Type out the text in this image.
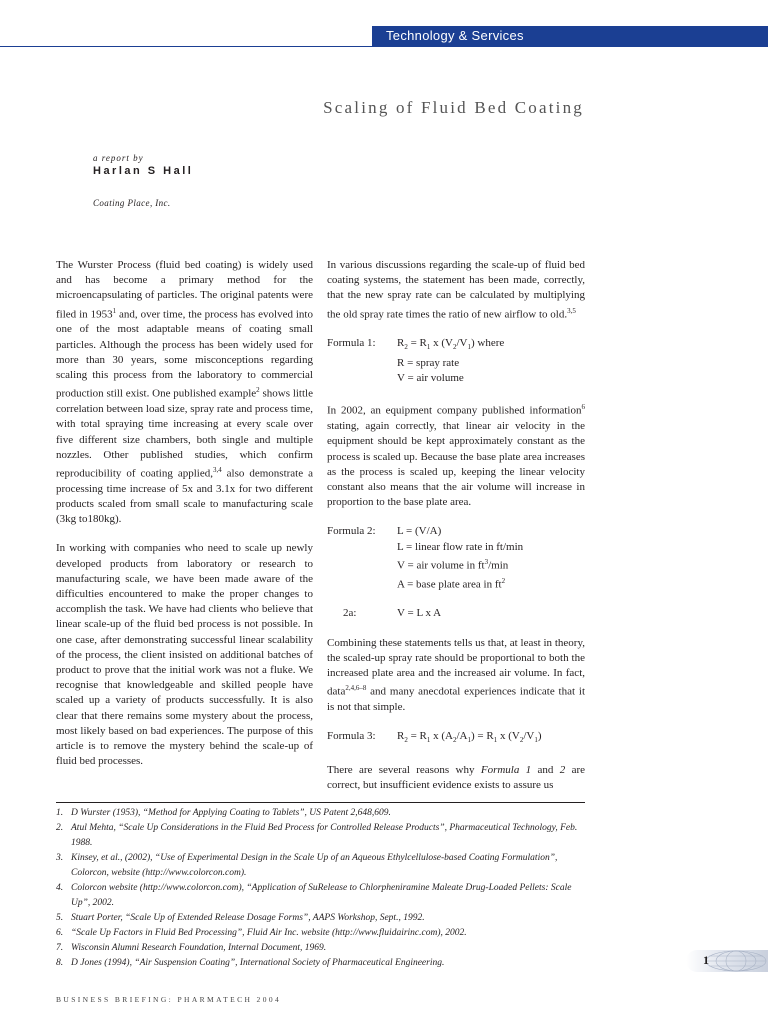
Technology & Services
Scaling of Fluid Bed Coating
a report by
Harlan S Hall
Coating Place, Inc.

The Wurster Process (fluid bed coating) is widely used and has become a primary method for the microencapsulating of particles. The original patents were filed in 1953$^1$ and, over time, the process has evolved into one of the most adaptable means of coating small particles. Although the process has been widely used for more than 30 years, some misconceptions regarding scaling this process from the laboratory to commercial production still exist. One published example$^2$ shows little correlation between load size, spray rate and process time, with total spraying time increasing at every scale over five different size chambers, both single and multiple nozzles. Other published studies, which confirm reproducibility of coating applied,$^{3,4}$ also demonstrate a processing time increase of 5x and 3.1x for two different products scaled from small scale to manufacturing scale (3kg to180kg).

In working with companies who need to scale up newly developed products from laboratory or research to manufacturing scale, we have been made aware of the difficulties encountered to make the proper changes to accomplish the task. We have had clients who believe that linear scale-up of the fluid bed process is not possible. In one case, after demonstrating successful linear scalability of the process, the client insisted on additional batches of product to prove that the initial work was not a fluke. We recognise that knowledgeable and skilled people have scaled up a variety of products successfully. It is also clear that there remains some mystery about the process, most likely based on bad experiences. The purpose of this article is to remove the mystery behind the scale-up of fluid bed processes.

In various discussions regarding the scale-up of fluid bed coating systems, the statement has been made, correctly, that the new spray rate can be calculated by multiplying the old spray rate times the ratio of new airflow to old.$^{3,5}$

Formula 1:	$R_2 = R_1$ x $(V_2/V_1)$ where
R = spray rate
V = air volume

In 2002, an equipment company published information$^6$ stating, again correctly, that linear air velocity in the equipment should be kept approximately constant as the process is scaled up. Because the base plate area increases as the process is scaled up, keeping the linear velocity constant also means that the air volume will increase in proportion to the base plate area.

Formula 2:	L = (V/A)
L = linear flow rate in ft/min
V = air volume in $ft^3/\min$
A = base plate area in $ft^2$
2a:	V = L x A

Combining these statements tells us that, at least in theory, the scaled-up spray rate should be proportional to both the increased plate area and the increased air volume. In fact, data$^{2,4,6-8}$ and many anecdotal experiences indicate that it is not that simple.

Formula 3:	$R_2 = R_1$ x $(A_2/A_1) = R_1$ x $(V_2/V_1)$

There are several reasons why Formula 1 and 2 are correct, but insufficient evidence exists to assure us

1. D Wurster (1953), “Method for Applying Coating to Tablets”, US Patent 2,648,609.
2. Atul Mehta, “Scale Up Considerations in the Fluid Bed Process for Controlled Release Products”, Pharmaceutical Technology, Feb. 1988.
3. Kinsey, et al., (2002), “Use of Experimental Design in the Scale Up of an Aqueous Ethylcellulose-based Coating Formulation”, Colorcon, website (http://www.colorcon.com).
4. Colorcon website (http://www.colorcon.com), “Application of SuRelease to Chlorpheniramine Maleate Drug-Loaded Pellets: Scale Up”, 2002.
5. Stuart Porter, “Scale Up of Extended Release Dosage Forms”, AAPS Workshop, Sept., 1992.
6. “Scale Up Factors in Fluid Bed Processing”, Fluid Air Inc. website (http://www.fluidairinc.com), 2002.
7. Wisconsin Alumni Research Foundation, Internal Document, 1969.
8. D Jones (1994), “Air Suspension Coating”, International Society of Pharmaceutical Engineering.	1
BUSINESS BRIEFING: PHARMATECH 2004
